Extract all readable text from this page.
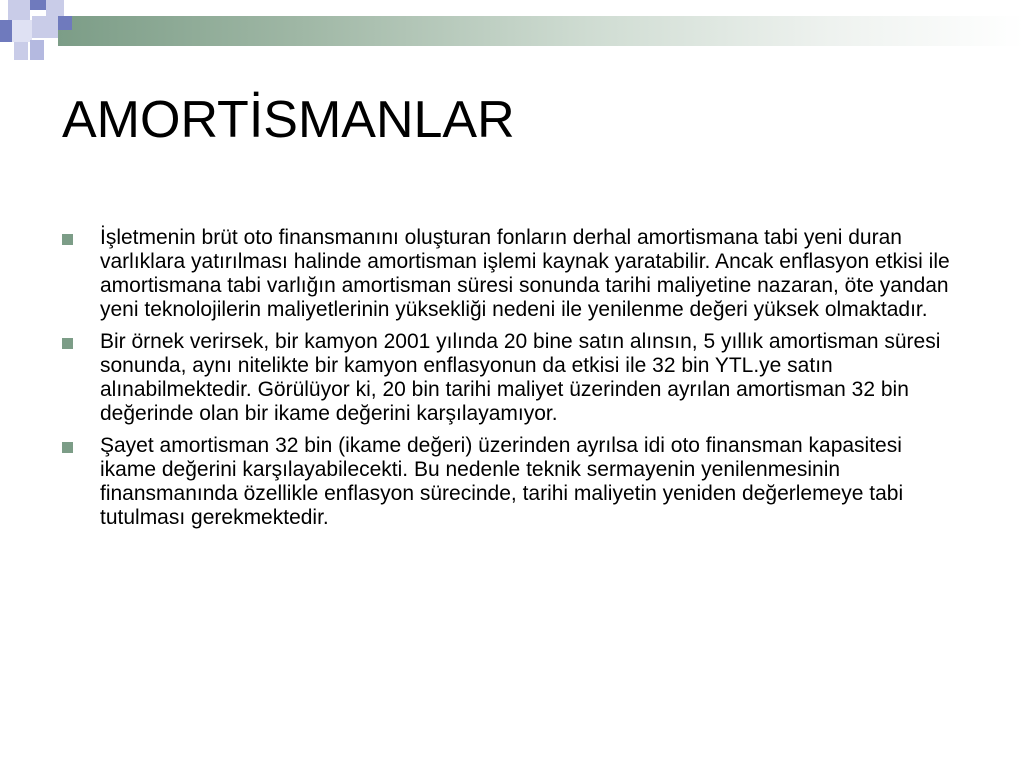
AMORTİSMANLAR
İşletmenin brüt oto finansmanını oluşturan fonların derhal amortismana tabi yeni duran varlıklara yatırılması halinde amortisman işlemi kaynak yaratabilir. Ancak enflasyon etkisi ile amortismana tabi varlığın amortisman süresi sonunda tarihi maliyetine nazaran, öte yandan yeni teknolojilerin maliyetlerinin yüksekliği nedeni ile yenilenme değeri yüksek olmaktadır.
Bir örnek verirsek, bir kamyon 2001 yılında 20 bine satın alınsın, 5 yıllık amortisman süresi sonunda, aynı nitelikte bir kamyon enflasyonun da etkisi ile 32 bin YTL.ye satın alınabilmektedir. Görülüyor ki, 20 bin tarihi maliyet üzerinden ayrılan amortisman 32 bin değerinde olan bir ikame değerini karşılayamıyor.
Şayet amortisman 32 bin (ikame değeri) üzerinden ayrılsa idi oto finansman kapasitesi ikame değerini karşılayabilecekti. Bu nedenle teknik sermayenin yenilenmesinin finansmanında özellikle enflasyon sürecinde, tarihi maliyetin yeniden değerlemeye tabi tutulması gerekmektedir.
